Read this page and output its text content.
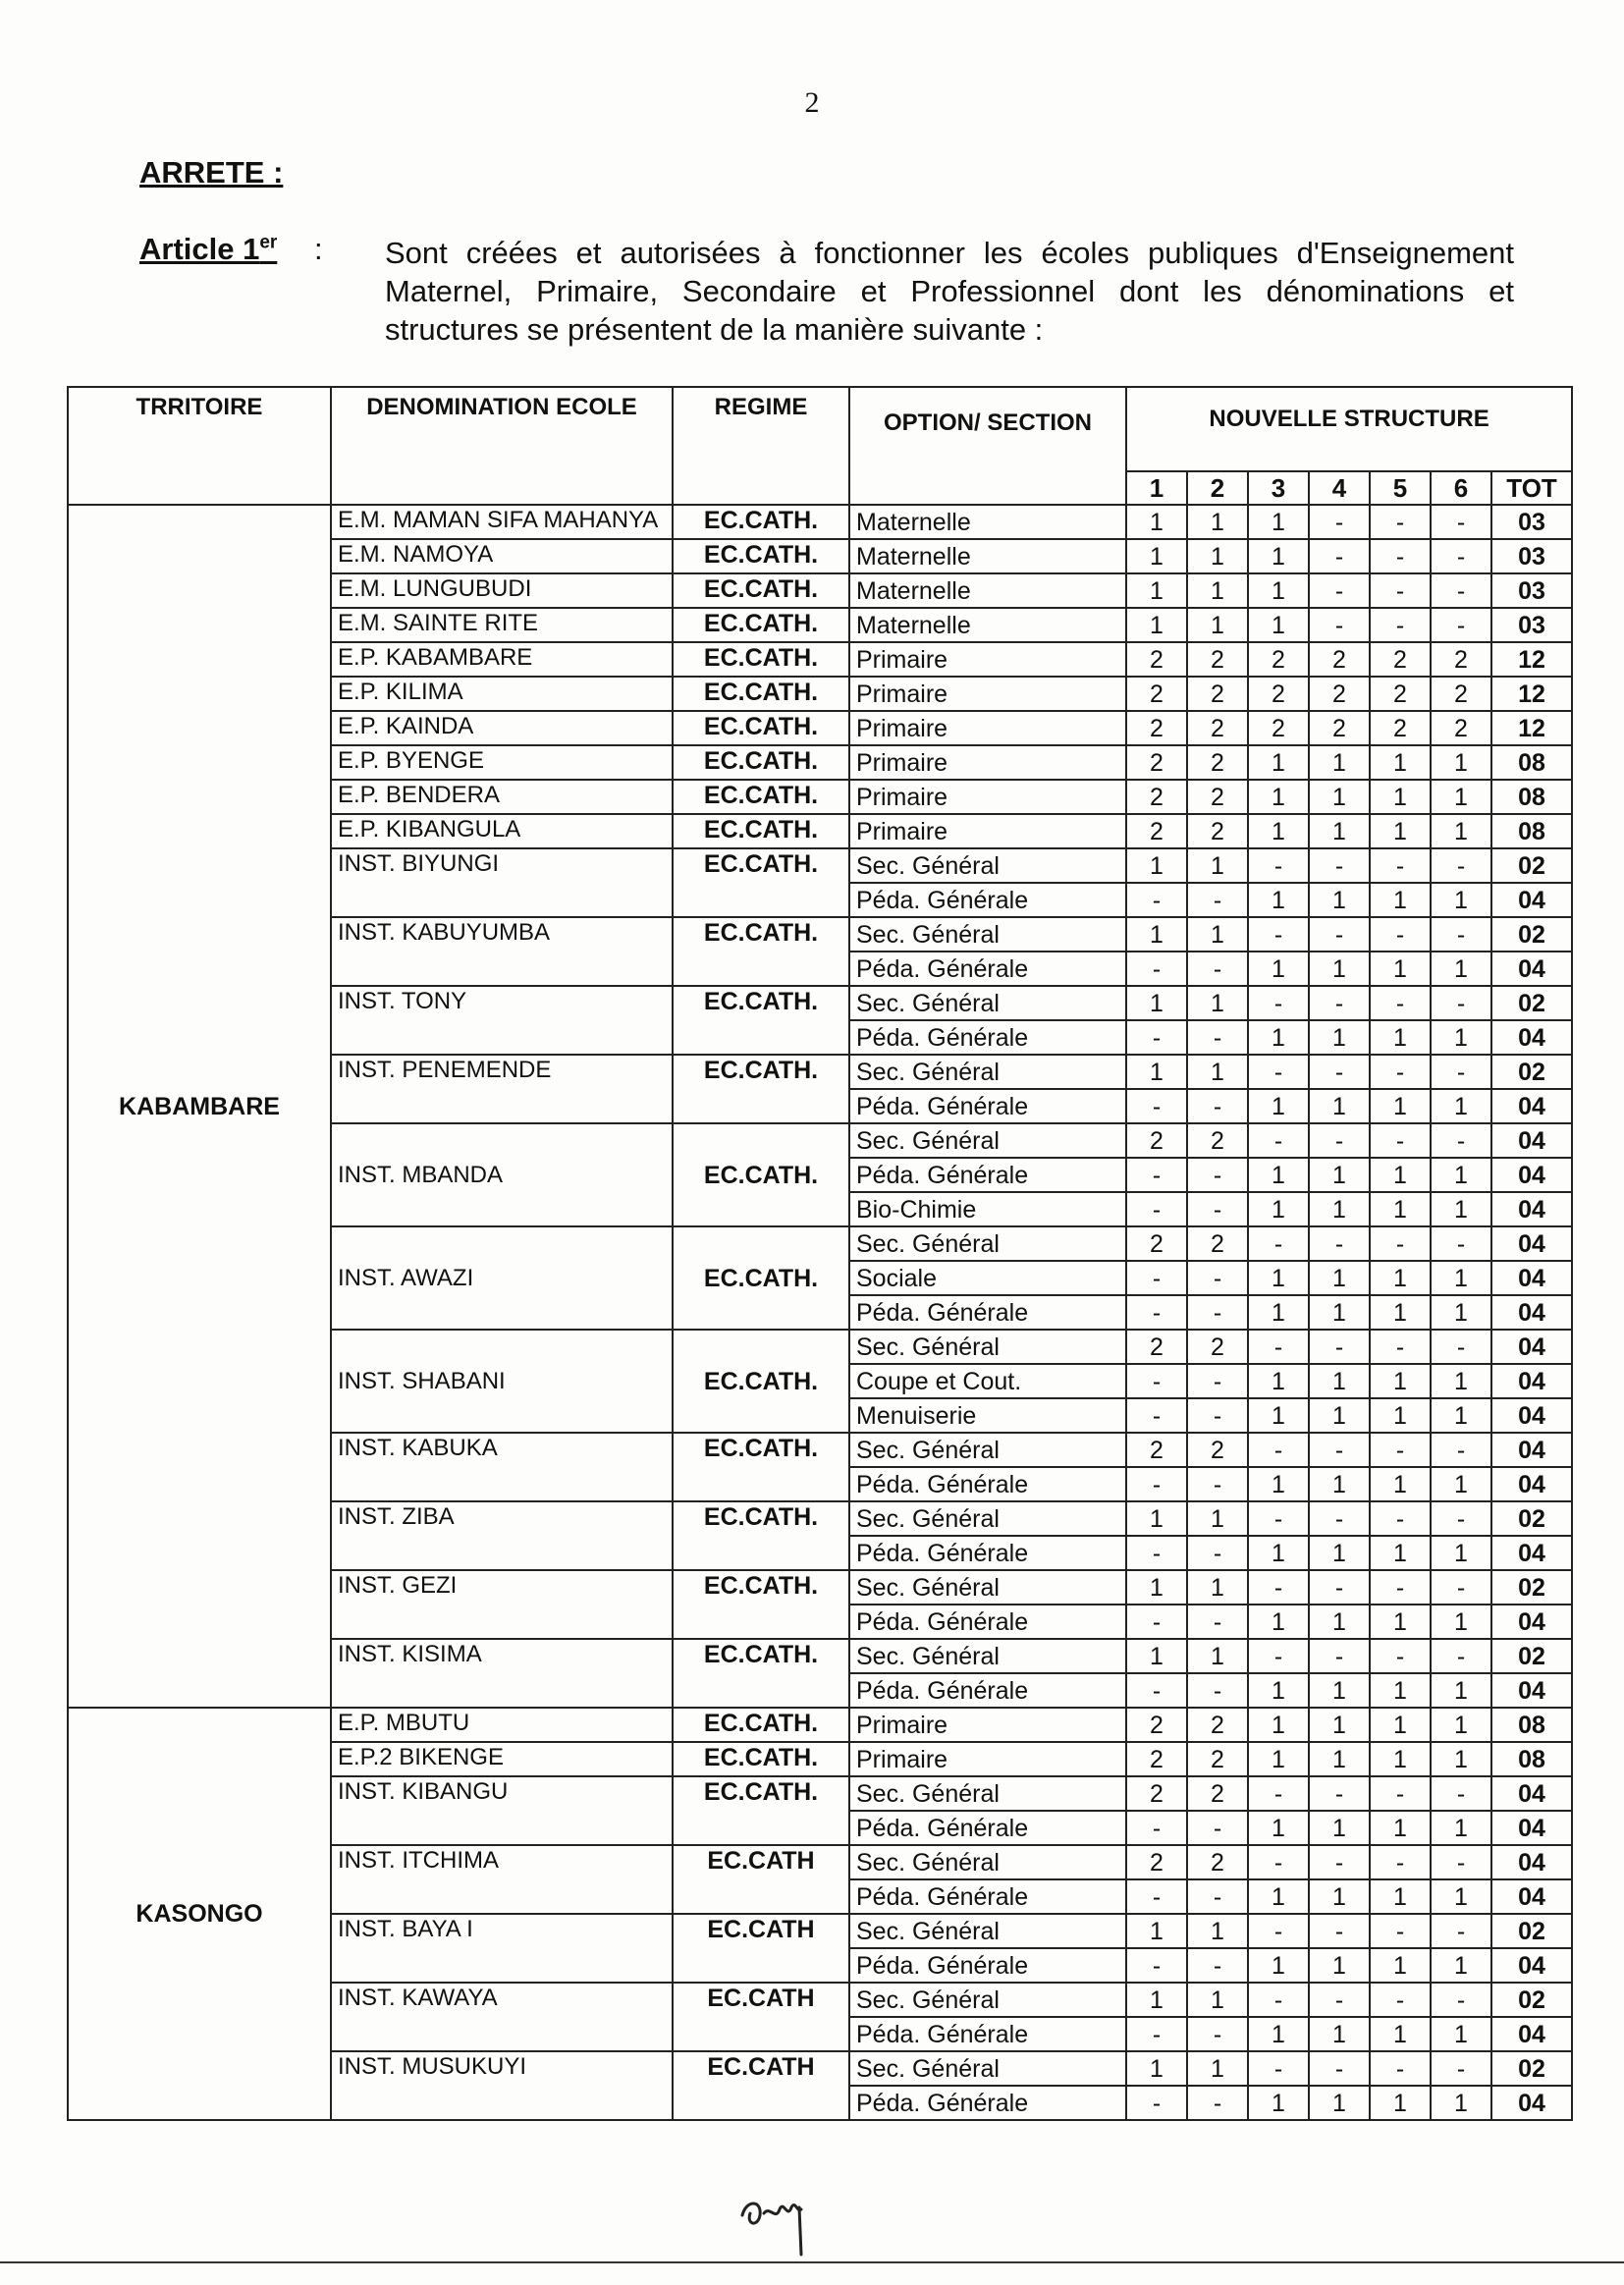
2
ARRETE :
Article 1er : Sont créées et autorisées à fonctionner les écoles publiques d'Enseignement Maternel, Primaire, Secondaire et Professionnel dont les dénominations et structures se présentent de la manière suivante :
TRRITOIRE	DENOMINATION ECOLE	REGIME	OPTION/ SECTION	NOUVELLE STRUCTURE						
				1	2	3	4	5	6	TOT
KABAMBARE	E.M. MAMAN SIFA MAHANYA	EC.CATH.	Maternelle	1	1	1	-	-	-	03
	E.M. NAMOYA	EC.CATH.	Maternelle	1	1	1	-	-	-	03
	E.M. LUNGUBUDI	EC.CATH.	Maternelle	1	1	1	-	-	-	03
	E.M. SAINTE RITE	EC.CATH.	Maternelle	1	1	1	-	-	-	03
	E.P. KABAMBARE	EC.CATH.	Primaire	2	2	2	2	2	2	12
	E.P. KILIMA	EC.CATH.	Primaire	2	2	2	2	2	2	12
	E.P. KAINDA	EC.CATH.	Primaire	2	2	2	2	2	2	12
	E.P. BYENGE	EC.CATH.	Primaire	2	2	1	1	1	1	08
	E.P. BENDERA	EC.CATH.	Primaire	2	2	1	1	1	1	08
	E.P. KIBANGULA	EC.CATH.	Primaire	2	2	1	1	1	1	08
	INST. BIYUNGI	EC.CATH.	Sec. Général	1	1	-	-	-	-	02
			Péda. Générale	-	-	1	1	1	1	04
	INST. KABUYUMBA	EC.CATH.	Sec. Général	1	1	-	-	-	-	02
			Péda. Générale	-	-	1	1	1	1	04
	INST. TONY	EC.CATH.	Sec. Général	1	1	-	-	-	-	02
			Péda. Générale	-	-	1	1	1	1	04
	INST. PENEMENDE	EC.CATH.	Sec. Général	1	1	-	-	-	-	02
			Péda. Générale	-	-	1	1	1	1	04
	INST. MBANDA	EC.CATH.	Sec. Général	2	2	-	-	-	-	04
			Péda. Générale	-	-	1	1	1	1	04
			Bio-Chimie	-	-	1	1	1	1	04
	INST. AWAZI	EC.CATH.	Sec. Général	2	2	-	-	-	-	04
			Sociale	-	-	1	1	1	1	04
			Péda. Générale	-	-	1	1	1	1	04
	INST. SHABANI	EC.CATH.	Sec. Général	2	2	-	-	-	-	04
			Coupe et Cout.	-	-	1	1	1	1	04
			Menuiserie	-	-	1	1	1	1	04
	INST. KABUKA	EC.CATH.	Sec. Général	2	2	-	-	-	-	04
			Péda. Générale	-	-	1	1	1	1	04
	INST. ZIBA	EC.CATH.	Sec. Général	1	1	-	-	-	-	02
			Péda. Générale	-	-	1	1	1	1	04
	INST. GEZI	EC.CATH.	Sec. Général	1	1	-	-	-	-	02
			Péda. Générale	-	-	1	1	1	1	04
	INST. KISIMA	EC.CATH.	Sec. Général	1	1	-	-	-	-	02
			Péda. Générale	-	-	1	1	1	1	04
KASONGO	E.P. MBUTU	EC.CATH.	Primaire	2	2	1	1	1	1	08
	E.P.2 BIKENGE	EC.CATH.	Primaire	2	2	1	1	1	1	08
	INST. KIBANGU	EC.CATH.	Sec. Général	2	2	-	-	-	-	04
			Péda. Générale	-	-	1	1	1	1	04
	INST. ITCHIMA	EC.CATH	Sec. Général	2	2	-	-	-	-	04
			Péda. Générale	-	-	1	1	1	1	04
	INST. BAYA I	EC.CATH	Sec. Général	1	1	-	-	-	-	02
			Péda. Générale	-	-	1	1	1	1	04
	INST. KAWAYA	EC.CATH	Sec. Général	1	1	-	-	-	-	02
			Péda. Générale	-	-	1	1	1	1	04
	INST. MUSUKUYI	EC.CATH	Sec. Général	1	1	-	-	-	-	02
			Péda. Générale	-	-	1	1	1	1	04
